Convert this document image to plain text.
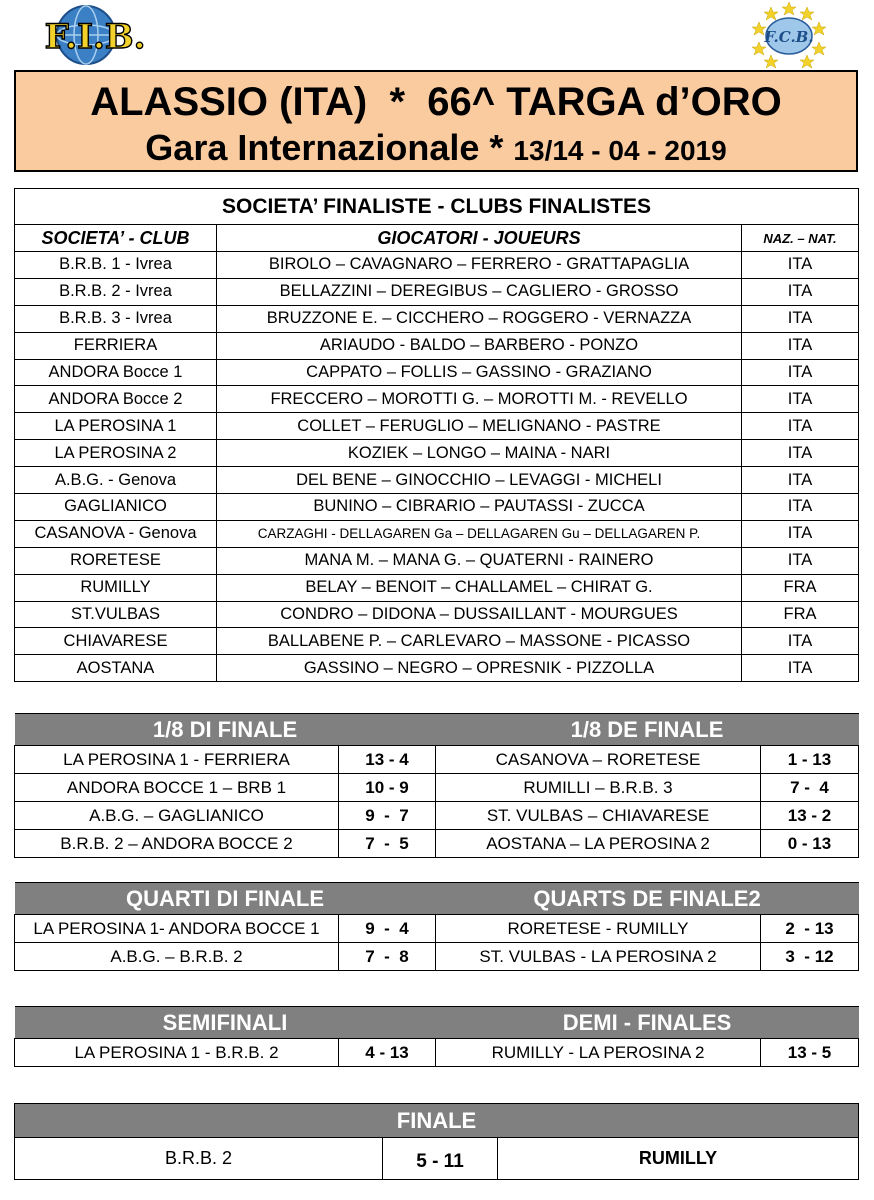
F.I.B.	F.C.B.
ALASSIO (ITA)  *  66^ TARGA d’ORO
Gara Internazionale * 13/14 - 04 - 2019
SOCIETA’ FINALISTE - CLUBS FINALISTES		
SOCIETA’ - CLUB	GIOCATORI - JOUEURS	NAZ. – NAT.
B.R.B. 1 - Ivrea	BIROLO – CAVAGNARO – FERRERO - GRATTAPAGLIA	ITA
B.R.B. 2 - Ivrea	BELLAZZINI – DEREGIBUS – CAGLIERO - GROSSO	ITA
B.R.B. 3 - Ivrea	BRUZZONE E. – CICCHERO – ROGGERO - VERNAZZA	ITA
FERRIERA	ARIAUDO - BALDO – BARBERO - PONZO	ITA
ANDORA Bocce 1	CAPPATO – FOLLIS – GASSINO - GRAZIANO	ITA
ANDORA Bocce 2	FRECCERO – MOROTTI G. – MOROTTI M. - REVELLO	ITA
LA PEROSINA 1	COLLET – FERUGLIO – MELIGNANO - PASTRE	ITA
LA PEROSINA 2	KOZIEK – LONGO – MAINA - NARI	ITA
A.B.G. - Genova	DEL BENE – GINOCCHIO – LEVAGGI - MICHELI	ITA
GAGLIANICO	BUNINO – CIBRARIO – PAUTASSI - ZUCCA	ITA
CASANOVA - Genova	CARZAGHI - DELLAGAREN Ga – DELLAGAREN Gu – DELLAGAREN P.	ITA
RORETESE	MANA M. – MANA G. – QUATERNI - RAINERO	ITA
RUMILLY	BELAY – BENOIT – CHALLAMEL – CHIRAT G.	FRA
ST.VULBAS	CONDRO – DIDONA – DUSSAILLANT - MOURGUES	FRA
CHIAVARESE	BALLABENE P. – CARLEVARO – MASSONE - PICASSO	ITA
AOSTANA	GASSINO – NEGRO – OPRESNIK - PIZZOLLA	ITA
1/8 DI FINALE		1/8 DE FINALE	
LA PEROSINA 1 - FERRIERA	13 - 4	CASANOVA – RORETESE	1 - 13
ANDORA BOCCE 1 – BRB 1	10 - 9	RUMILLI – B.R.B. 3	7 -  4
A.B.G. – GAGLIANICO	9  -  7	ST. VULBAS – CHIAVARESE	13 - 2
B.R.B. 2 – ANDORA BOCCE 2	7  -  5	AOSTANA – LA PEROSINA 2	0 - 13
QUARTI DI FINALE		QUARTS DE FINALE2	
LA PEROSINA 1- ANDORA BOCCE 1	9  -  4	RORETESE - RUMILLY	2  - 13
A.B.G. – B.R.B. 2	7  -  8	ST. VULBAS - LA PEROSINA 2	3  - 12
SEMIFINALI		DEMI - FINALES	
LA PEROSINA 1 - B.R.B. 2	4 - 13	RUMILLY - LA PEROSINA 2	13 - 5
FINALE
B.R.B. 2	5 - 11	RUMILLY
